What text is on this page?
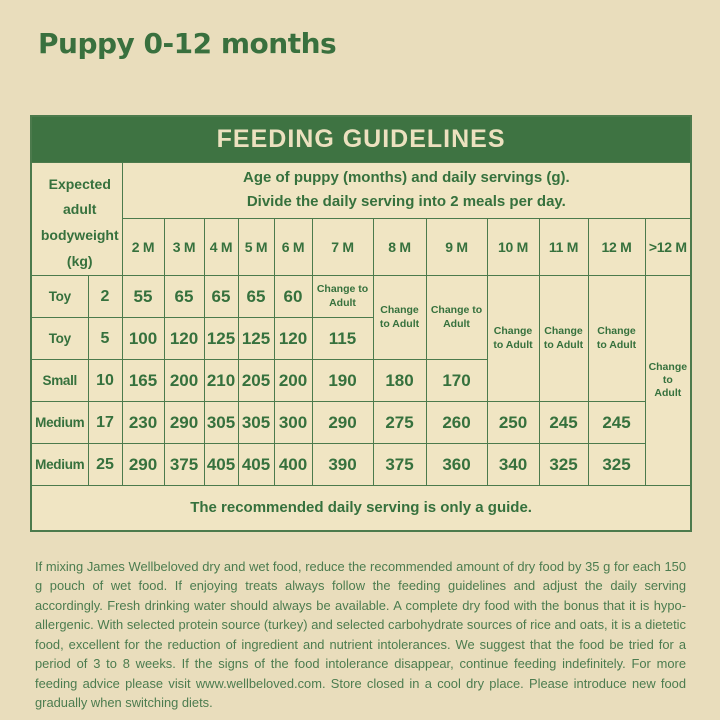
Puppy 0-12 months
FEEDING GUIDELINES													
Expected adult bodyweight (kg)		Age of puppy (months) and daily servings (g).
Divide the daily serving into 2 meals per day.											

		2 M	3 M	4 M	5 M	6 M	7 M	8 M	9 M	10 M	11 M	12 M	>12 M
Toy	2	55	65	65	65	60	Change to Adult	Change to Adult	Change to Adult	Change to Adult	Change to Adult	Change to Adult	Change to Adult
Toy	5	100	120	125	125	120	115						
Small	10	165	200	210	205	200	190	180	170				
Medium	17	230	290	305	305	300	290	275	260	250	245	245	
Medium	25	290	375	405	405	400	390	375	360	340	325	325	
The recommended daily serving is only a guide.													

If mixing James Wellbeloved dry and wet food, reduce the recommended amount of dry food by 35 g for each 150 g pouch of wet food. If enjoying treats always follow the feeding guidelines and adjust the daily serving accordingly. Fresh drinking water should always be available. A complete dry food with the bonus that it is hypo-allergenic. With selected protein source (turkey) and selected carbohydrate sources of rice and oats, it is a dietetic food, excellent for the reduction of ingredient and nutrient intolerances. We suggest that the food be tried for a period of 3 to 8 weeks. If the signs of the food intolerance disappear, continue feeding indefinitely. For more feeding advice please visit www.wellbeloved.com. Store closed in a cool dry place. Please introduce new food gradually when switching diets.
